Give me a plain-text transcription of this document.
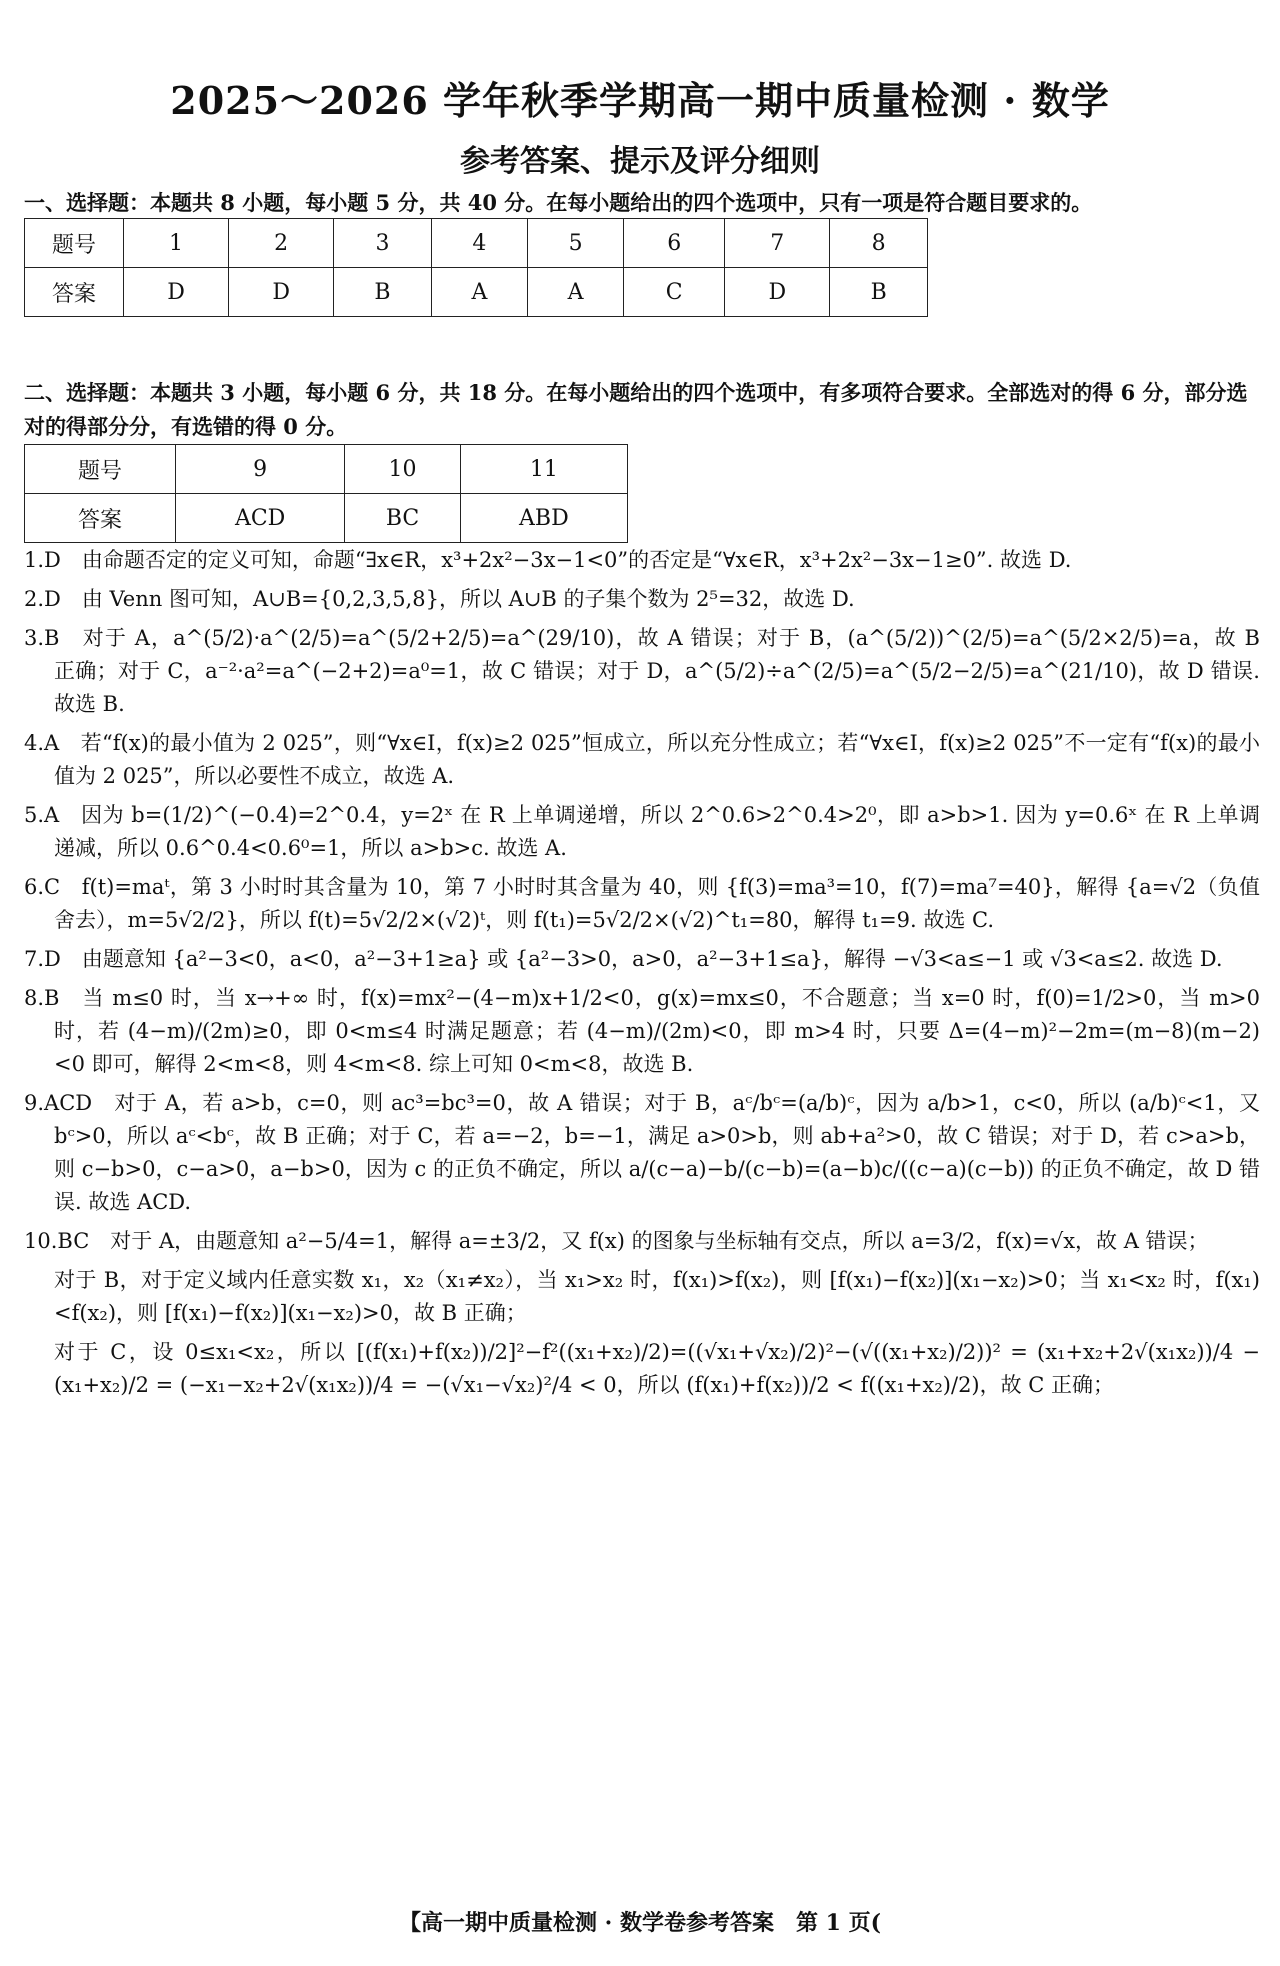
2025～2026 学年秋季学期高一期中质量检测 · 数学
参考答案、提示及评分细则
一、选择题：本题共 8 小题，每小题 5 分，共 40 分。在每小题给出的四个选项中，只有一项是符合题目要求的。
题号	1	2	3	4	5	6	7	8
答案	D	D	B	A	A	C	D	B
二、选择题：本题共 3 小题，每小题 6 分，共 18 分。在每小题给出的四个选项中，有多项符合要求。全部选对的得 6 分，部分选对的得部分分，有选错的得 0 分。
题号	9	10	11
答案	ACD	BC	ABD

1.D　 由命题否定的定义可知，命题“∃x∈R，x³+2x²−3x−1<0”的否定是“∀x∈R，x³+2x²−3x−1≥0”. 故选 D.

2.D　 由 Venn 图可知，A∪B={0,2,3,5,8}，所以 A∪B 的子集个数为 2⁵=32，故选 D.

3.B　 对于 A，a^(5/2)·a^(2/5)=a^(5/2+2/5)=a^(29/10)，故 A 错误；对于 B，(a^(5/2))^(2/5)=a^(5/2×2/5)=a，故 B 正确；对于 C，a⁻²·a²=a^(−2+2)=a⁰=1，故 C 错误；对于 D，a^(5/2)÷a^(2/5)=a^(5/2−2/5)=a^(21/10)，故 D 错误. 故选 B.

4.A　 若“f(x)的最小值为 2 025”，则“∀x∈I，f(x)≥2 025”恒成立，所以充分性成立；若“∀x∈I，f(x)≥2 025”不一定有“f(x)的最小值为 2 025”，所以必要性不成立，故选 A.

5.A　 因为 b=(1/2)^(−0.4)=2^0.4，y=2ˣ 在 R 上单调递增，所以 2^0.6>2^0.4>2⁰，即 a>b>1. 因为 y=0.6ˣ 在 R 上单调递减，所以 0.6^0.4<0.6⁰=1，所以 a>b>c. 故选 A.

6.C　 f(t)=maᵗ，第 3 小时时其含量为 10，第 7 小时时其含量为 40，则 {f(3)=ma³=10，f(7)=ma⁷=40}，解得 {a=√2（负值舍去），m=5√2/2}，所以 f(t)=5√2/2×(√2)ᵗ，则 f(t₁)=5√2/2×(√2)^t₁=80，解得 t₁=9. 故选 C.

7.D　 由题意知 {a²−3<0，a<0，a²−3+1≥a} 或 {a²−3>0，a>0，a²−3+1≤a}，解得 −√3<a≤−1 或 √3<a≤2. 故选 D.

8.B　 当 m≤0 时，当 x→+∞ 时，f(x)=mx²−(4−m)x+1/2<0，g(x)=mx≤0，不合题意；当 x=0 时，f(0)=1/2>0，当 m>0 时，若 (4−m)/(2m)≥0，即 0<m≤4 时满足题意；若 (4−m)/(2m)<0，即 m>4 时，只要 Δ=(4−m)²−2m=(m−8)(m−2)<0 即可，解得 2<m<8，则 4<m<8. 综上可知 0<m<8，故选 B.

9.ACD　 对于 A，若 a>b，c=0，则 ac³=bc³=0，故 A 错误；对于 B，aᶜ/bᶜ=(a/b)ᶜ，因为 a/b>1，c<0，所以 (a/b)ᶜ<1，又 bᶜ>0，所以 aᶜ<bᶜ，故 B 正确；对于 C，若 a=−2，b=−1，满足 a>0>b，则 ab+a²>0，故 C 错误；对于 D，若 c>a>b，则 c−b>0，c−a>0，a−b>0，因为 c 的正负不确定，所以 a/(c−a)−b/(c−b)=(a−b)c/((c−a)(c−b)) 的正负不确定，故 D 错误. 故选 ACD.

10.BC　 对于 A，由题意知 a²−5/4=1，解得 a=±3/2，又 f(x) 的图象与坐标轴有交点，所以 a=3/2，f(x)=√x，故 A 错误；

对于 B，对于定义域内任意实数 x₁，x₂（x₁≠x₂），当 x₁>x₂ 时，f(x₁)>f(x₂)，则 [f(x₁)−f(x₂)](x₁−x₂)>0；当 x₁<x₂ 时，f(x₁)<f(x₂)，则 [f(x₁)−f(x₂)](x₁−x₂)>0，故 B 正确；

对于 C，设 0≤x₁<x₂，所以 [(f(x₁)+f(x₂))/2]²−f²((x₁+x₂)/2)=((√x₁+√x₂)/2)²−(√((x₁+x₂)/2))² = (x₁+x₂+2√(x₁x₂))/4 − (x₁+x₂)/2 = (−x₁−x₂+2√(x₁x₂))/4 = −(√x₁−√x₂)²/4 < 0，所以 (f(x₁)+f(x₂))/2 < f((x₁+x₂)/2)，故 C 正确；

【高一期中质量检测 · 数学卷参考答案　第 1 页(
